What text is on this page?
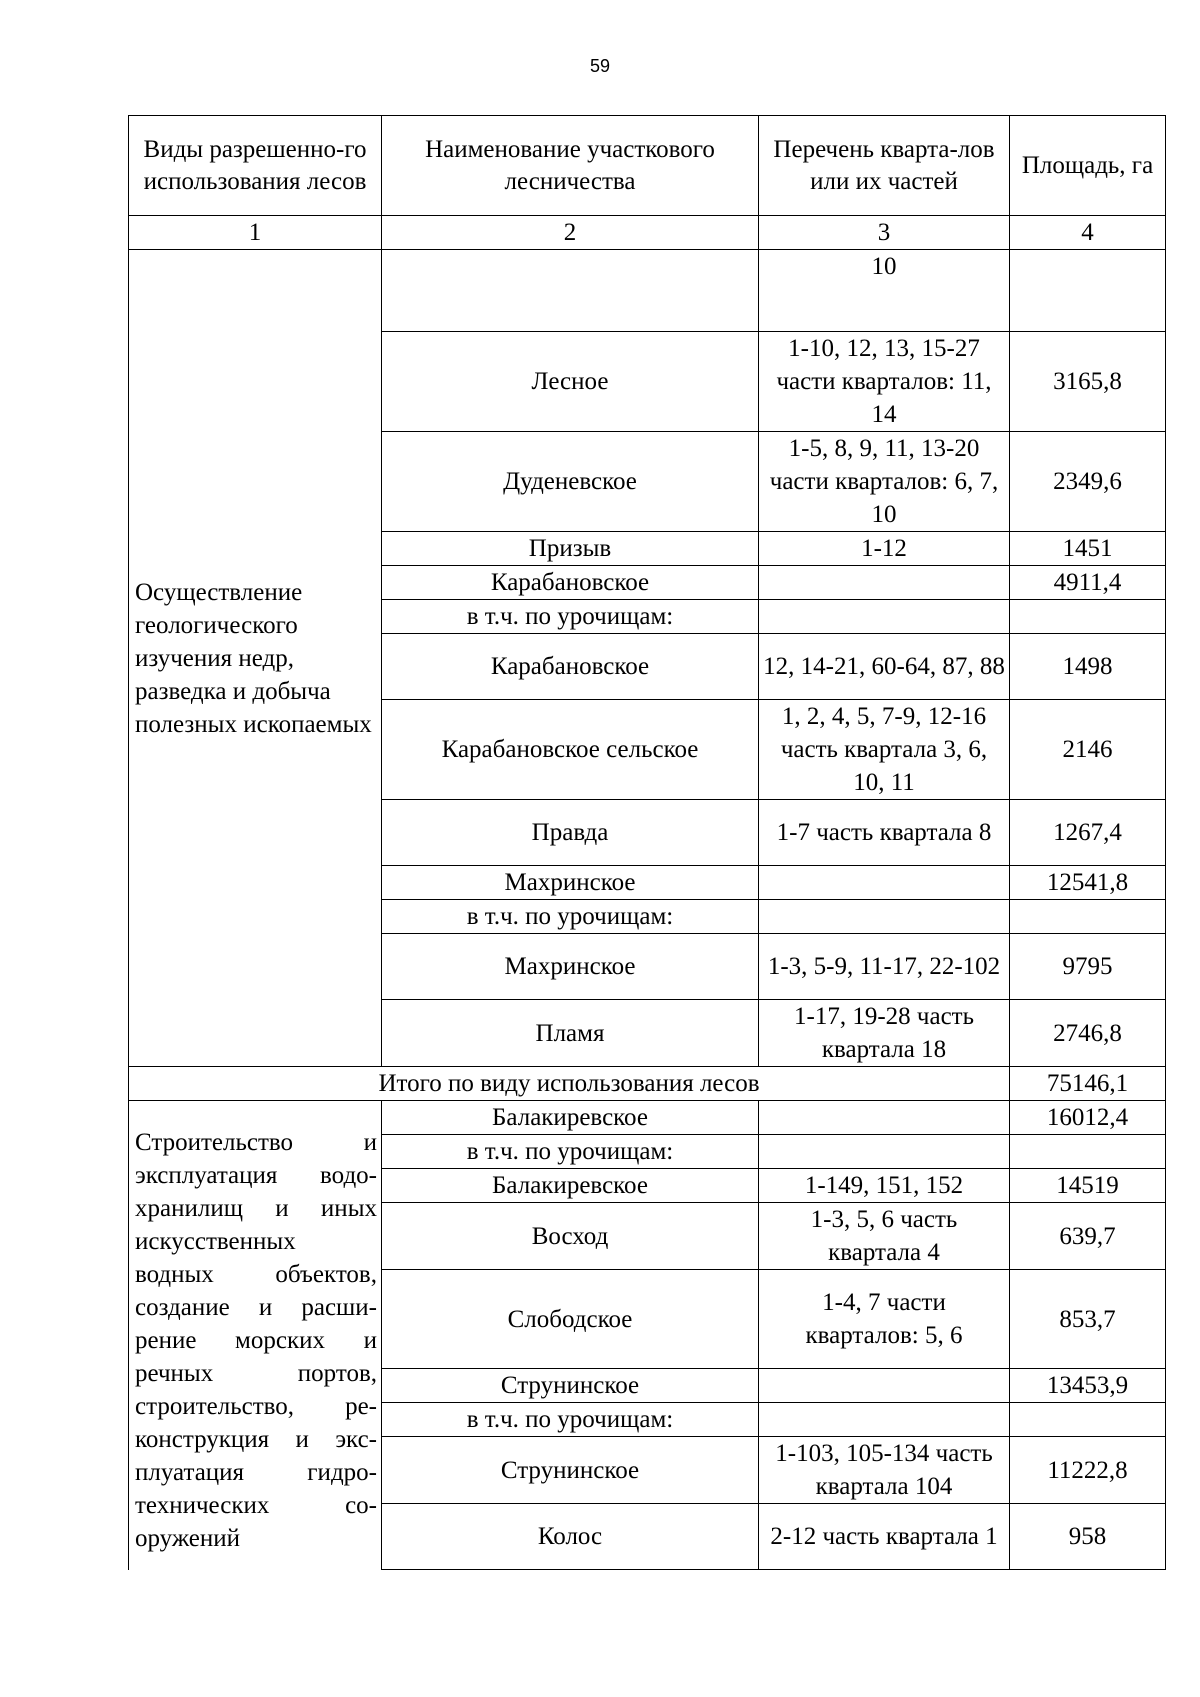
59
Виды разрешенно-го использования лесов	Наименование участкового лесничества	Перечень кварта-лов или их частей	Площадь, га
1	2	3	4
Осуществление геологического изучения недр, разведка и добыча полезных ископаемых		10	
	Лесное	1-10, 12, 13, 15-27 части кварталов: 11, 14	3165,8
	Дуденевское	1-5, 8, 9, 11, 13-20 части кварталов: 6, 7, 10	2349,6
	Призыв	1-12	1451
	Карабановское		4911,4
	в т.ч. по урочищам:		
	Карабановское	12, 14-21, 60-64, 87, 88	1498
	Карабановское сельское	1, 2, 4, 5, 7-9, 12-16 часть квартала 3, 6, 10, 11	2146
	Правда	1-7 часть квартала 8	1267,4
	Махринское		12541,8
	в т.ч. по урочищам:		
	Махринское	1-3, 5-9, 11-17, 22-102	9795
	Пламя	1-17, 19-28 часть квартала 18	2746,8
Итого по виду использования лесов			75146,1
Строительство и эксплуатация водо-хранилищ и иных искусственных водных объектов, создание и расши-рение морских и речных портов, строительство, ре-конструкция и экс-плуатация гидро-технических со-оружений	Балакиревское		16012,4
	в т.ч. по урочищам:		
	Балакиревское	1-149, 151, 152	14519
	Восход	1-3, 5, 6 часть квартала 4	639,7
	Слободское	1-4, 7 части кварталов: 5, 6	853,7
	Струнинское		13453,9
	в т.ч. по урочищам:		
	Струнинское	1-103, 105-134 часть квартала 104	11222,8
	Колос	2-12 часть квартала 1	958
